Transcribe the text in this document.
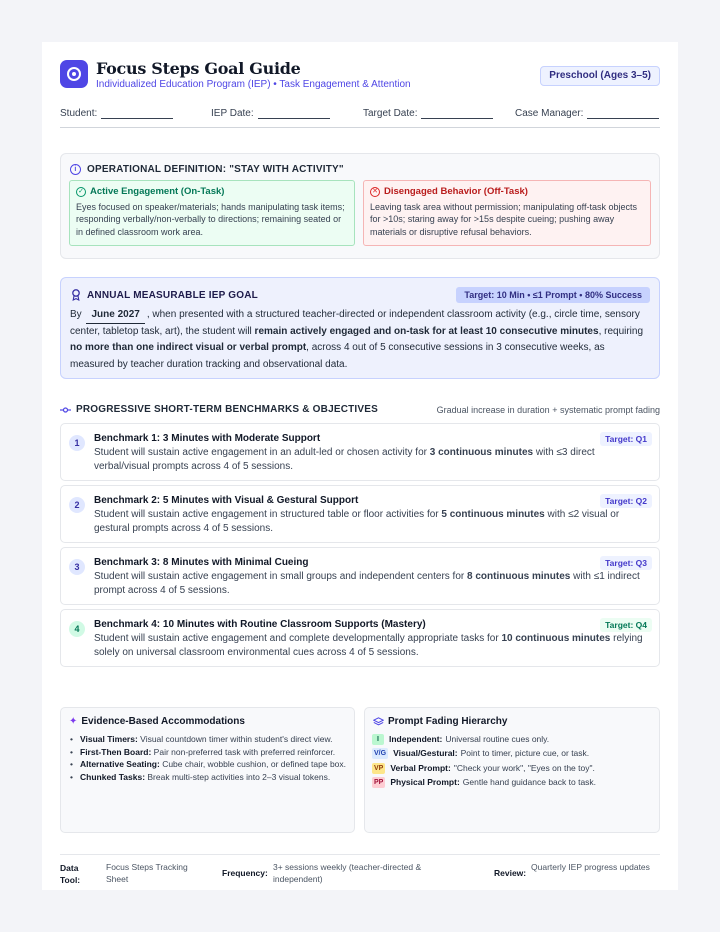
Focus Steps Goal Guide
Individualized Education Program (IEP) • Task Engagement & Attention
Preschool (Ages 3–5)
Student:	IEP Date:	Target Date:	Case Manager:
i	OPERATIONAL DEFINITION: "STAY WITH ACTIVITY"
✓ Active Engagement (On-Task)
Eyes focused on speaker/materials; hands manipulating task items; responding verbally/non-verbally to directions; remaining seated or in defined classroom work area.
✕ Disengaged Behavior (Off-Task)
Leaving task area without permission; manipulating off-task objects for >10s; staring away for >15s despite cueing; pushing away materials or disruptive refusal behaviors.
ANNUAL MEASURABLE IEP GOAL	Target: 10 Min • ≤1 Prompt • 80% Success
By June 2027 , when presented with a structured teacher-directed or independent classroom activity (e.g., circle time, sensory center, tabletop task, art), the student will remain actively engaged and on-task for at least 10 consecutive minutes, requiring no more than one indirect visual or verbal prompt, across 4 out of 5 consecutive sessions in 3 consecutive weeks, as measured by teacher duration tracking and observational data.
PROGRESSIVE SHORT-TERM BENCHMARKS & OBJECTIVES	Gradual increase in duration + systematic prompt fading
1	Benchmark 1: 3 Minutes with Moderate Support	Target: Q1
Student will sustain active engagement in an adult-led or chosen activity for 3 continuous minutes with ≤3 direct verbal/visual prompts across 4 of 5 sessions.
2	Benchmark 2: 5 Minutes with Visual & Gestural Support	Target: Q2
Student will sustain active engagement in structured table or floor activities for 5 continuous minutes with ≤2 visual or gestural prompts across 4 of 5 sessions.
3	Benchmark 3: 8 Minutes with Minimal Cueing	Target: Q3
Student will sustain active engagement in small groups and independent centers for 8 continuous minutes with ≤1 indirect prompt across 4 of 5 sessions.
4	Benchmark 4: 10 Minutes with Routine Classroom Supports (Mastery)	Target: Q4
Student will sustain active engagement and complete developmentally appropriate tasks for 10 continuous minutes relying solely on universal classroom environmental cues across 4 of 5 sessions.
✦ Evidence-Based Accommodations
• Visual Timers: Visual countdown timer within student's direct view.
• First-Then Board: Pair non-preferred task with preferred reinforcer.
• Alternative Seating: Cube chair, wobble cushion, or defined tape box.
• Chunked Tasks: Break multi-step activities into 2–3 visual tokens.
Prompt Fading Hierarchy
I	Independent: Universal routine cues only.
V/G Visual/Gestural: Point to timer, picture cue, or task.
VP Verbal Prompt: "Check your work", "Eyes on the toy".
PP Physical Prompt: Gentle hand guidance back to task.
Data Tool:
Focus Steps Tracking Sheet
Frequency:
3+ sessions weekly (teacher-directed & independent)
Review:
Quarterly IEP progress updates
